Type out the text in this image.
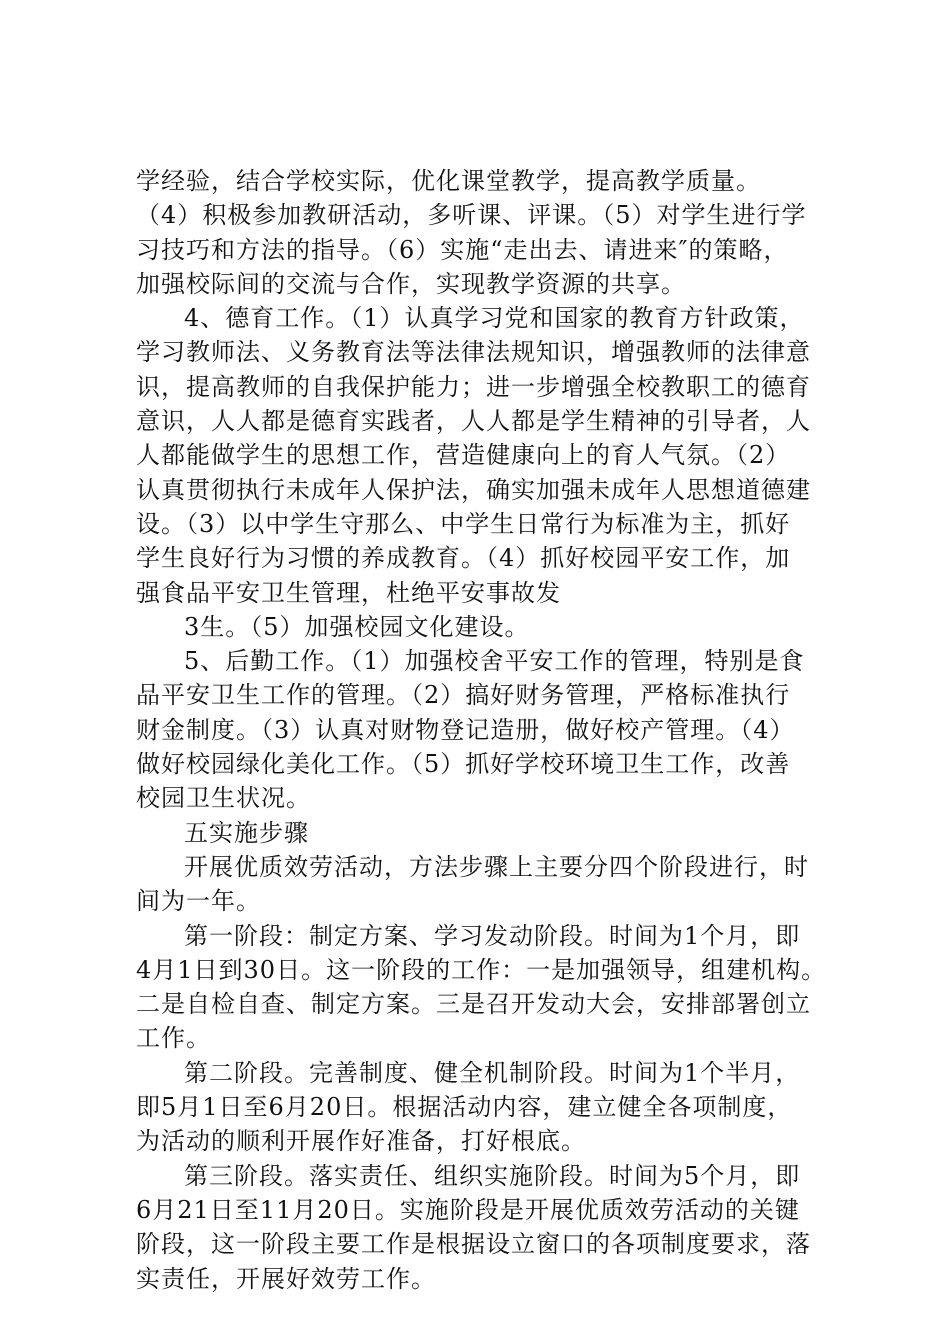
学经验，结合学校实际，优化课堂教学，提高教学质量。
（4）积极参加教研活动，多听课、评课。（5）对学生进行学
习技巧和方法的指导。（6）实施“走出去、请进来″的策略，
加强校际间的交流与合作，实现教学资源的共享。
4、德育工作。（1）认真学习党和国家的教育方针政策，
学习教师法、义务教育法等法律法规知识，增强教师的法律意
识，提高教师的自我保护能力；进一步增强全校教职工的德育
意识，人人都是德育实践者，人人都是学生精神的引导者，人
人都能做学生的思想工作，营造健康向上的育人气氛。（2）
认真贯彻执行未成年人保护法，确实加强未成年人思想道德建
设。（3）以中学生守那么、中学生日常行为标准为主，抓好
学生良好行为习惯的养成教育。（4）抓好校园平安工作，加
强食品平安卫生管理，杜绝平安事故发
3生。（5）加强校园文化建设。
5、后勤工作。（1）加强校舍平安工作的管理，特别是食
品平安卫生工作的管理。（2）搞好财务管理，严格标准执行
财金制度。（3）认真对财物登记造册，做好校产管理。（4）
做好校园绿化美化工作。（5）抓好学校环境卫生工作，改善
校园卫生状况。
五实施步骤
开展优质效劳活动，方法步骤上主要分四个阶段进行，时
间为一年。
第一阶段：制定方案、学习发动阶段。时间为1个月，即
4月1日到30日。这一阶段的工作：一是加强领导，组建机构。
二是自检自查、制定方案。三是召开发动大会，安排部署创立
工作。
第二阶段。完善制度、健全机制阶段。时间为1个半月，
即5月1日至6月20日。根据活动内容，建立健全各项制度，
为活动的顺利开展作好准备，打好根底。
第三阶段。落实责任、组织实施阶段。时间为5个月，即
6月21日至11月20日。实施阶段是开展优质效劳活动的关键
阶段，这一阶段主要工作是根据设立窗口的各项制度要求，落
实责任，开展好效劳工作。
